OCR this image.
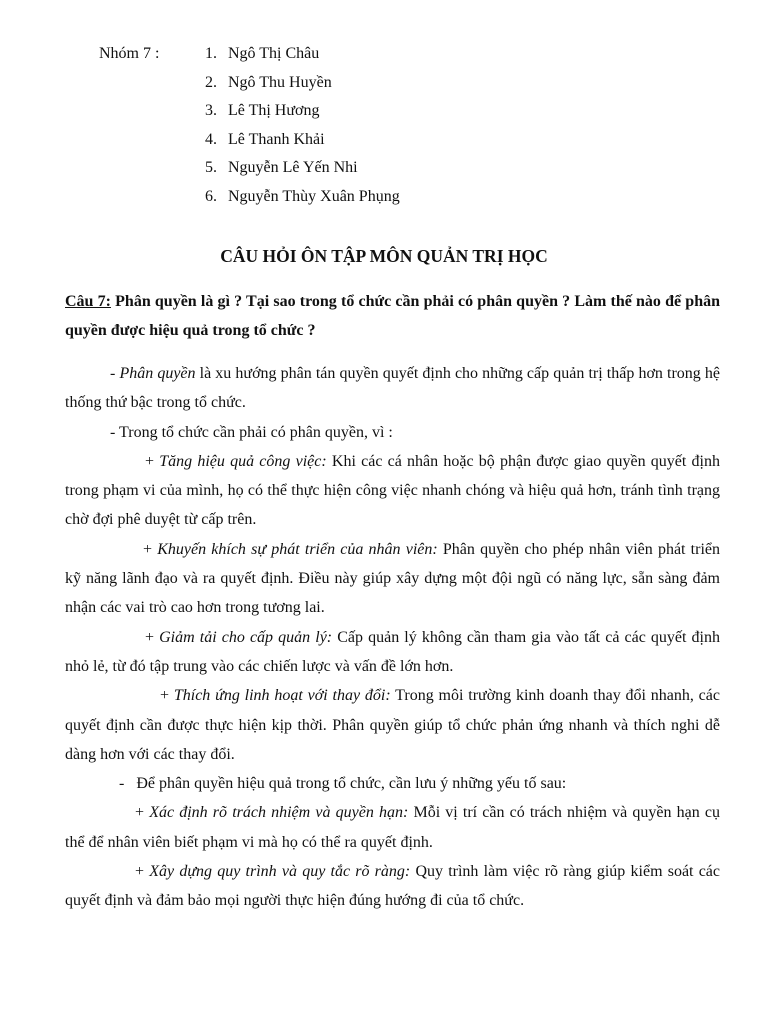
Nhóm 7 :	1. Ngô Thị Châu
2. Ngô Thu Huyền
3. Lê Thị Hương
4. Lê Thanh Khải
5. Nguyễn Lê Yến Nhi
6. Nguyễn Thùy Xuân Phụng
CÂU HỎI ÔN TẬP MÔN QUẢN TRỊ HỌC
Câu 7: Phân quyền là gì ? Tại sao trong tổ chức cần phải có phân quyền ? Làm thế nào để phân quyền được hiệu quả trong tổ chức ?

- Phân quyền là xu hướng phân tán quyền quyết định cho những cấp quản trị thấp hơn trong hệ thống thứ bậc trong tổ chức.

- Trong tổ chức cần phải có phân quyền, vì :

+ Tăng hiệu quả công việc: Khi các cá nhân hoặc bộ phận được giao quyền quyết định trong phạm vi của mình, họ có thể thực hiện công việc nhanh chóng và hiệu quả hơn, tránh tình trạng chờ đợi phê duyệt từ cấp trên.

+ Khuyến khích sự phát triển của nhân viên: Phân quyền cho phép nhân viên phát triển kỹ năng lãnh đạo và ra quyết định. Điều này giúp xây dựng một đội ngũ có năng lực, sẵn sàng đảm nhận các vai trò cao hơn trong tương lai.

+ Giảm tải cho cấp quản lý: Cấp quản lý không cần tham gia vào tất cả các quyết định nhỏ lẻ, từ đó tập trung vào các chiến lược và vấn đề lớn hơn.

+ Thích ứng linh hoạt với thay đổi: Trong môi trường kinh doanh thay đổi nhanh, các quyết định cần được thực hiện kịp thời. Phân quyền giúp tổ chức phản ứng nhanh và thích nghi dễ dàng hơn với các thay đổi.

-   Để phân quyền hiệu quả trong tổ chức, cần lưu ý những yếu tố sau:

+ Xác định rõ trách nhiệm và quyền hạn: Mỗi vị trí cần có trách nhiệm và quyền hạn cụ thể để nhân viên biết phạm vi mà họ có thể ra quyết định.

+ Xây dựng quy trình và quy tắc rõ ràng: Quy trình làm việc rõ ràng giúp kiểm soát các quyết định và đảm bảo mọi người thực hiện đúng hướng đi của tổ chức.
